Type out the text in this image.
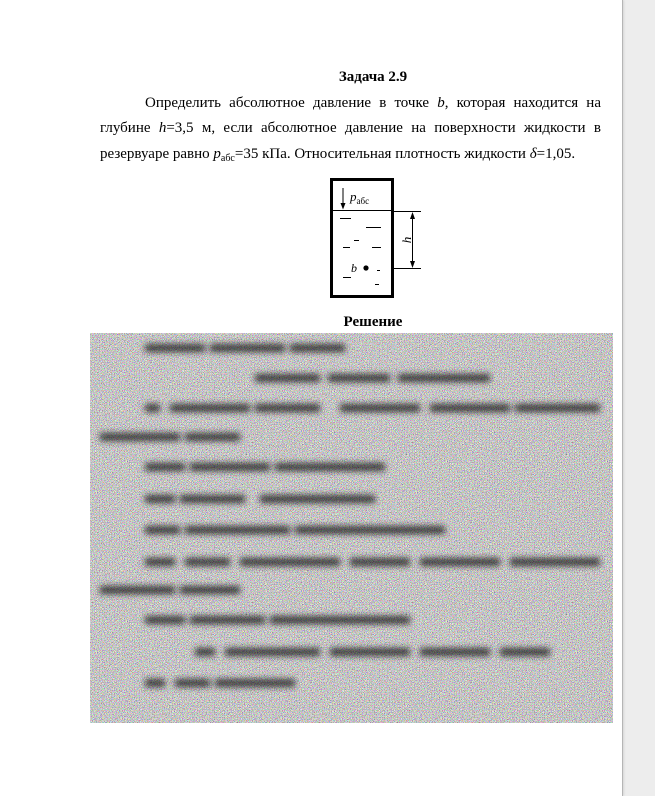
Задача 2.9
Определить абсолютное давление в точке b, которая находится на
глубине h=3,5 м, если абсолютное давление на поверхности жидкости в
резервуаре равно $p_{абс}=35$ кПа. Относительная плотность жидкости δ=1,05.
$p_{абс}$
b
h
Решение
